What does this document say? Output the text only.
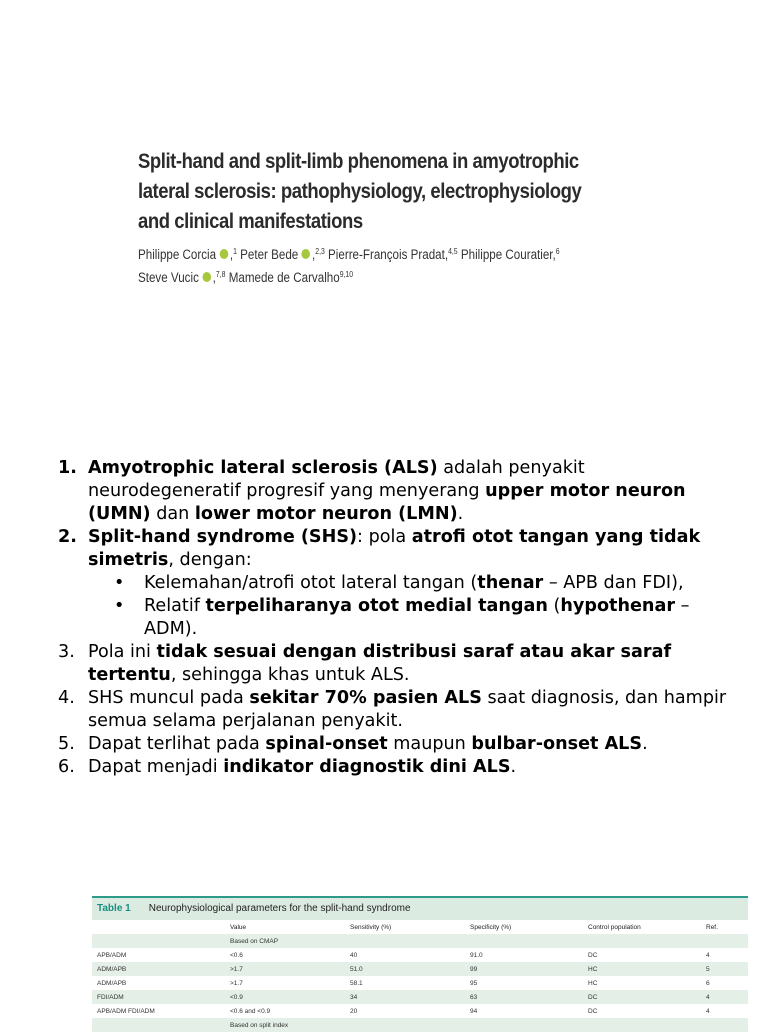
Split-hand and split-limb phenomena in amyotrophic
lateral sclerosis: pathophysiology, electrophysiology
and clinical manifestations
Philippe Corcia ,$^1$ Peter Bede ,$^{2,3}$ Pierre-François Pradat,$^{4,5}$ Philippe Couratier,$^6$
Steve Vucic ,$^{7,8}$ Mamede de Carvalho$^{9,10}$
1. Amyotrophic lateral sclerosis (ALS) adalah penyakit neurodegeneratif progresif yang menyerang upper motor neuron (UMN) dan lower motor neuron (LMN).
2. Split-hand syndrome (SHS): pola atrofi otot tangan yang tidak simetris, dengan:
• Kelemahan/atrofi otot lateral tangan (thenar – APB dan FDI),
• Relatif terpeliharanya otot medial tangan (hypothenar – ADM).
3. Pola ini tidak sesuai dengan distribusi saraf atau akar saraf tertentu, sehingga khas untuk ALS.
4. SHS muncul pada sekitar 70% pasien ALS saat diagnosis, dan hampir semua selama perjalanan penyakit.
5. Dapat terlihat pada spinal-onset maupun bulbar-onset ALS.
6. Dapat menjadi indikator diagnostik dini ALS.
Table 1 Neurophysiological parameters for the split-hand syndrome
	Value	Sensitivity (%)	Specificity (%)	Control population	Ref.
	Based on CMAP				
APB/ADM	<0.6	40	91.0	DC	4
ADM/APB	>1.7	51.0	99	HC	5
ADM/APB	>1.7	58.1	95	HC	6
FDI/ADM	<0.9	34	63	DC	4
APB/ADM FDI/ADM	<0.6 and <0.9	20	94	DC	4
	Based on split index				
